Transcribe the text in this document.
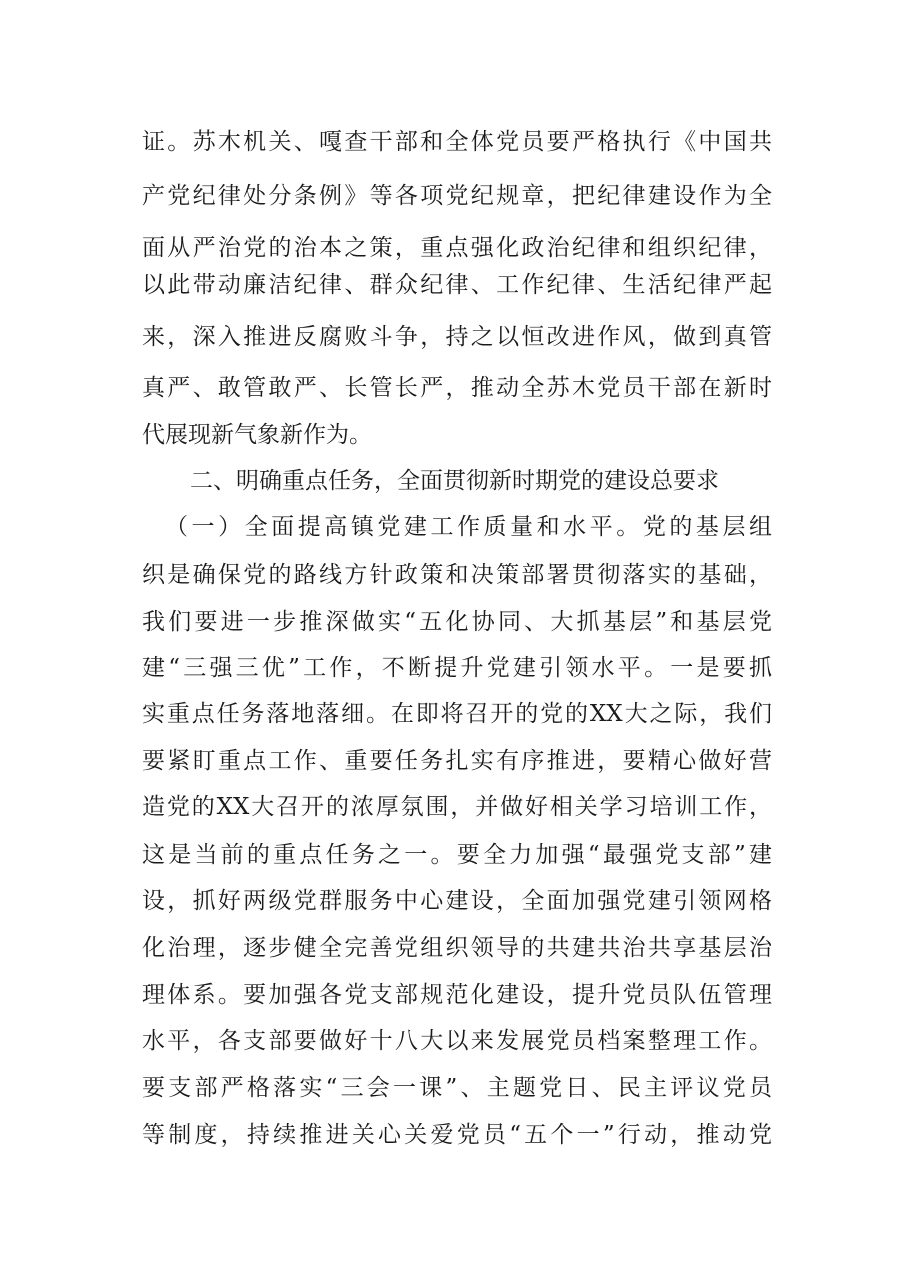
证。苏木机关、嘎查干部和全体党员要严格执行《中国共
产党纪律处分条例》等各项党纪规章，把纪律建设作为全
面从严治党的治本之策，重点强化政治纪律和组织纪律，
以此带动廉洁纪律、群众纪律、工作纪律、生活纪律严起
来，深入推进反腐败斗争，持之以恒改进作风，做到真管
真严、敢管敢严、长管长严，推动全苏木党员干部在新时
代展现新气象新作为。
二、明确重点任务，全面贯彻新时期党的建设总要求
（一）全面提高镇党建工作质量和水平。党的基层组
织是确保党的路线方针政策和决策部署贯彻落实的基础，
我们要进一步推深做实“五化协同、大抓基层”和基层党
建“三强三优”工作，不断提升党建引领水平。一是要抓
实重点任务落地落细。在即将召开的党的XX大之际，我们
要紧盯重点工作、重要任务扎实有序推进，要精心做好营
造党的XX大召开的浓厚氛围，并做好相关学习培训工作，
这是当前的重点任务之一。要全力加强“最强党支部”建
设，抓好两级党群服务中心建设，全面加强党建引领网格
化治理，逐步健全完善党组织领导的共建共治共享基层治
理体系。要加强各党支部规范化建设，提升党员队伍管理
水平，各支部要做好十八大以来发展党员档案整理工作。
要支部严格落实“三会一课”、主题党日、民主评议党员
等制度，持续推进关心关爱党员“五个一”行动，推动党
